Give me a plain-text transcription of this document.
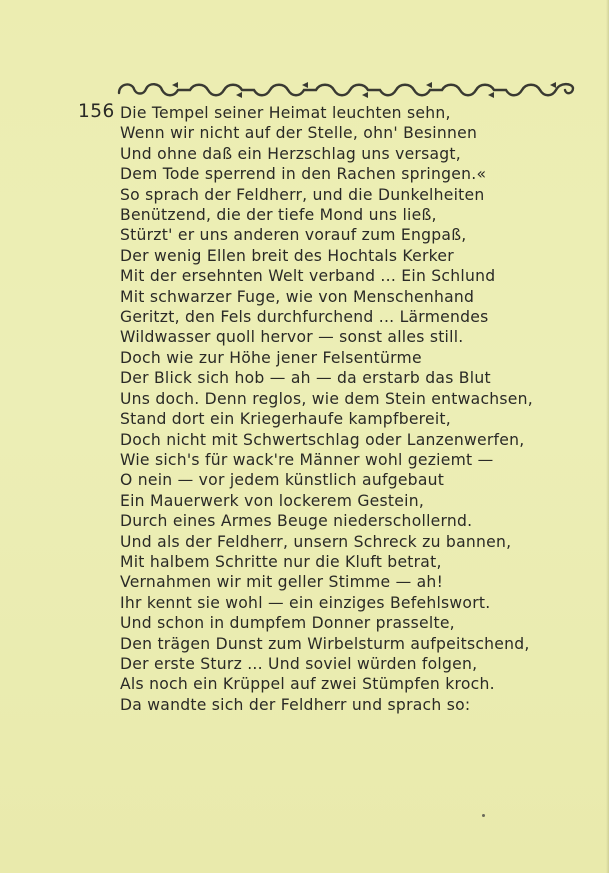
156 Die Tempel seiner Heimat leuchten sehn,
Wenn wir nicht auf der Stelle, ohn' Besinnen
Und ohne daß ein Herzschlag uns versagt,
Dem Tode sperrend in den Rachen springen.«
So sprach der Feldherr, und die Dunkelheiten
Benützend, die der tiefe Mond uns ließ,
Stürzt' er uns anderen vorauf zum Engpaß,
Der wenig Ellen breit des Hochtals Kerker
Mit der ersehnten Welt verband ... Ein Schlund
Mit schwarzer Fuge, wie von Menschenhand
Geritzt, den Fels durchfurchend ... Lärmendes
Wildwasser quoll hervor — sonst alles still.
Doch wie zur Höhe jener Felsentürme
Der Blick sich hob — ah — da erstarb das Blut
Uns doch. Denn reglos, wie dem Stein entwachsen,
Stand dort ein Kriegerhaufe kampfbereit,
Doch nicht mit Schwertschlag oder Lanzenwerfen,
Wie sich's für wack're Männer wohl geziemt —
O nein — vor jedem künstlich aufgebaut
Ein Mauerwerk von lockerem Gestein,
Durch eines Armes Beuge niederschollernd.
Und als der Feldherr, unsern Schreck zu bannen,
Mit halbem Schritte nur die Kluft betrat,
Vernahmen wir mit geller Stimme — ah!
Ihr kennt sie wohl — ein einziges Befehlswort.
Und schon in dumpfem Donner prasselte,
Den trägen Dunst zum Wirbelsturm aufpeitschend,
Der erste Sturz ... Und soviel würden folgen,
Als noch ein Krüppel auf zwei Stümpfen kroch.
Da wandte sich der Feldherr und sprach so:
